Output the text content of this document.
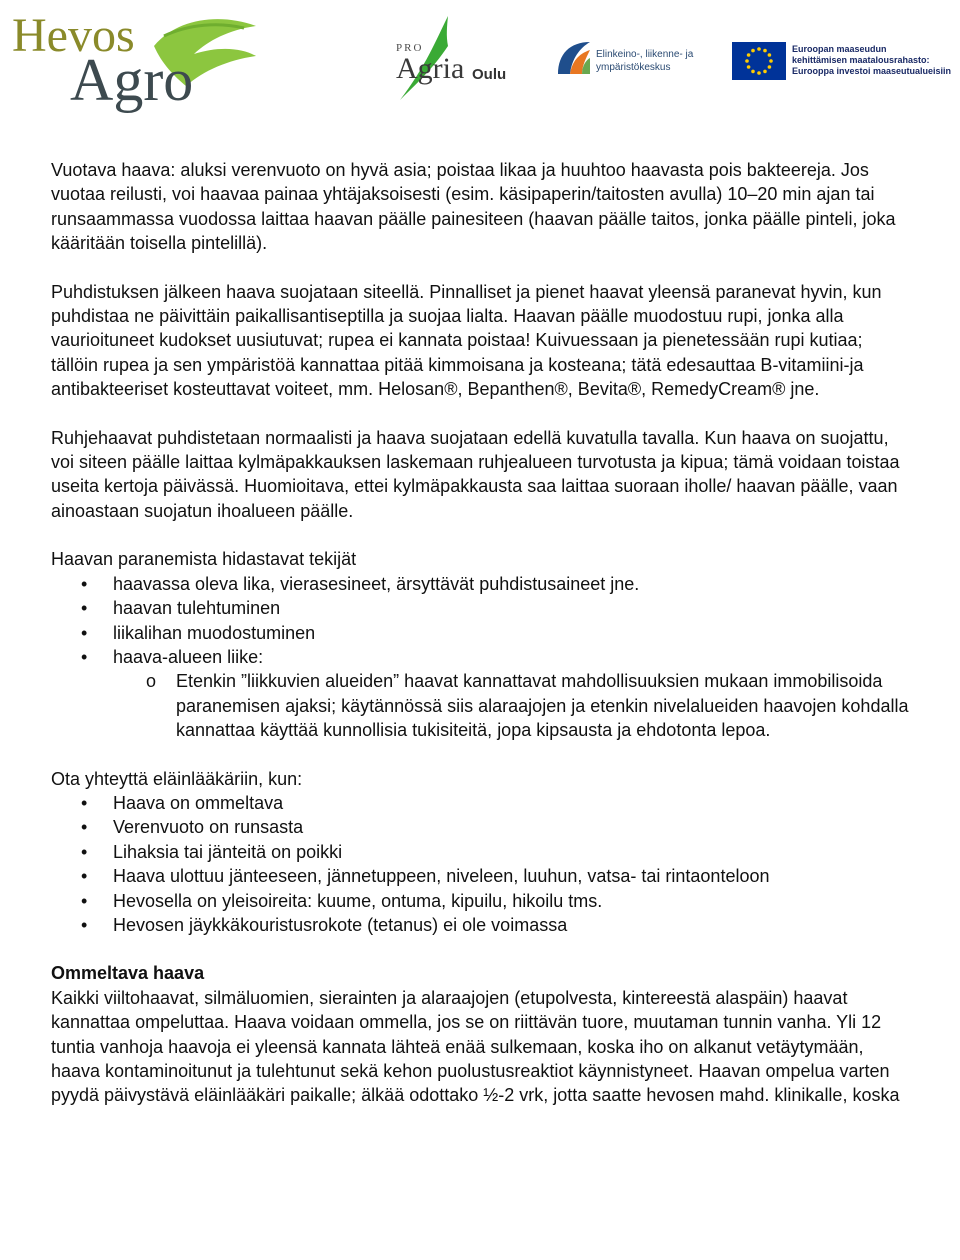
Hevos
Agro	PRO
Agria Oulu
Elinkeino-, liikenne- ja
ympäristökeskus
Euroopan maaseudun
kehittämisen maatalousrahasto:
Eurooppa investoi maaseutualueisiin

Vuotava haava: aluksi verenvuoto on hyvä asia; poistaa likaa ja huuhtoo haavasta pois bakteereja. Jos vuotaa reilusti, voi haavaa painaa yhtäjaksoisesti (esim. käsipaperin/taitosten avulla) 10–20 min ajan tai runsaammassa vuodossa laittaa haavan päälle painesiteen (haavan päälle taitos, jonka päälle pinteli, joka kääritään toisella pintelillä).

Puhdistuksen jälkeen haava suojataan siteellä. Pinnalliset ja pienet haavat yleensä paranevat hyvin, kun puhdistaa ne päivittäin paikallisantiseptilla ja suojaa lialta. Haavan päälle muodostuu rupi, jonka alla vaurioituneet kudokset uusiutuvat; rupea ei kannata poistaa! Kuivuessaan ja pienetessään rupi kutiaa; tällöin rupea ja sen ympäristöä kannattaa pitää kimmoisana ja kosteana; tätä edesauttaa B-vitamiini-ja antibakteeriset kosteuttavat voiteet, mm. Helosan®, Bepanthen®, Bevita®, RemedyCream® jne.

Ruhjehaavat puhdistetaan normaalisti ja haava suojataan edellä kuvatulla tavalla. Kun haava on suojattu, voi siteen päälle laittaa kylmäpakkauksen laskemaan ruhjealueen turvotusta ja kipua; tämä voidaan toistaa useita kertoja päivässä. Huomioitava, ettei kylmäpakkausta saa laittaa suoraan iholle/ haavan päälle, vaan ainoastaan suojatun ihoalueen päälle.

Haavan paranemista hidastavat tekijät

• haavassa oleva lika, vierasesineet, ärsyttävät puhdistusaineet jne.
• haavan tulehtuminen
• liikalihan muodostuminen
• haava-alueen liike:
o Etenkin ”liikkuvien alueiden” haavat kannattavat mahdollisuuksien mukaan immobilisoida paranemisen ajaksi; käytännössä siis alaraajojen ja etenkin nivelalueiden haavojen kohdalla kannattaa käyttää kunnollisia tukisiteitä, jopa kipsausta ja ehdotonta lepoa.

Ota yhteyttä eläinlääkäriin, kun:

• Haava on ommeltava
• Verenvuoto on runsasta
• Lihaksia tai jänteitä on poikki
• Haava ulottuu jänteeseen, jännetuppeen, niveleen, luuhun, vatsa- tai rintaonteloon
• Hevosella on yleisoireita: kuume, ontuma, kipuilu, hikoilu tms.
• Hevosen jäykkäkouristusrokote (tetanus) ei ole voimassa

Ommeltava haava

Kaikki viiltohaavat, silmäluomien, sierainten ja alaraajojen (etupolvesta, kintereestä alaspäin) haavat kannattaa ompeluttaa. Haava voidaan ommella, jos se on riittävän tuore, muutaman tunnin vanha. Yli 12 tuntia vanhoja haavoja ei yleensä kannata lähteä enää sulkemaan, koska iho on alkanut vetäytymään, haava kontaminoitunut ja tulehtunut sekä kehon puolustusreaktiot käynnistyneet. Haavan ompelua varten pyydä päivystävä eläinlääkäri paikalle; älkää odottako ½-2 vrk, jotta saatte hevosen mahd. klinikalle, koska
